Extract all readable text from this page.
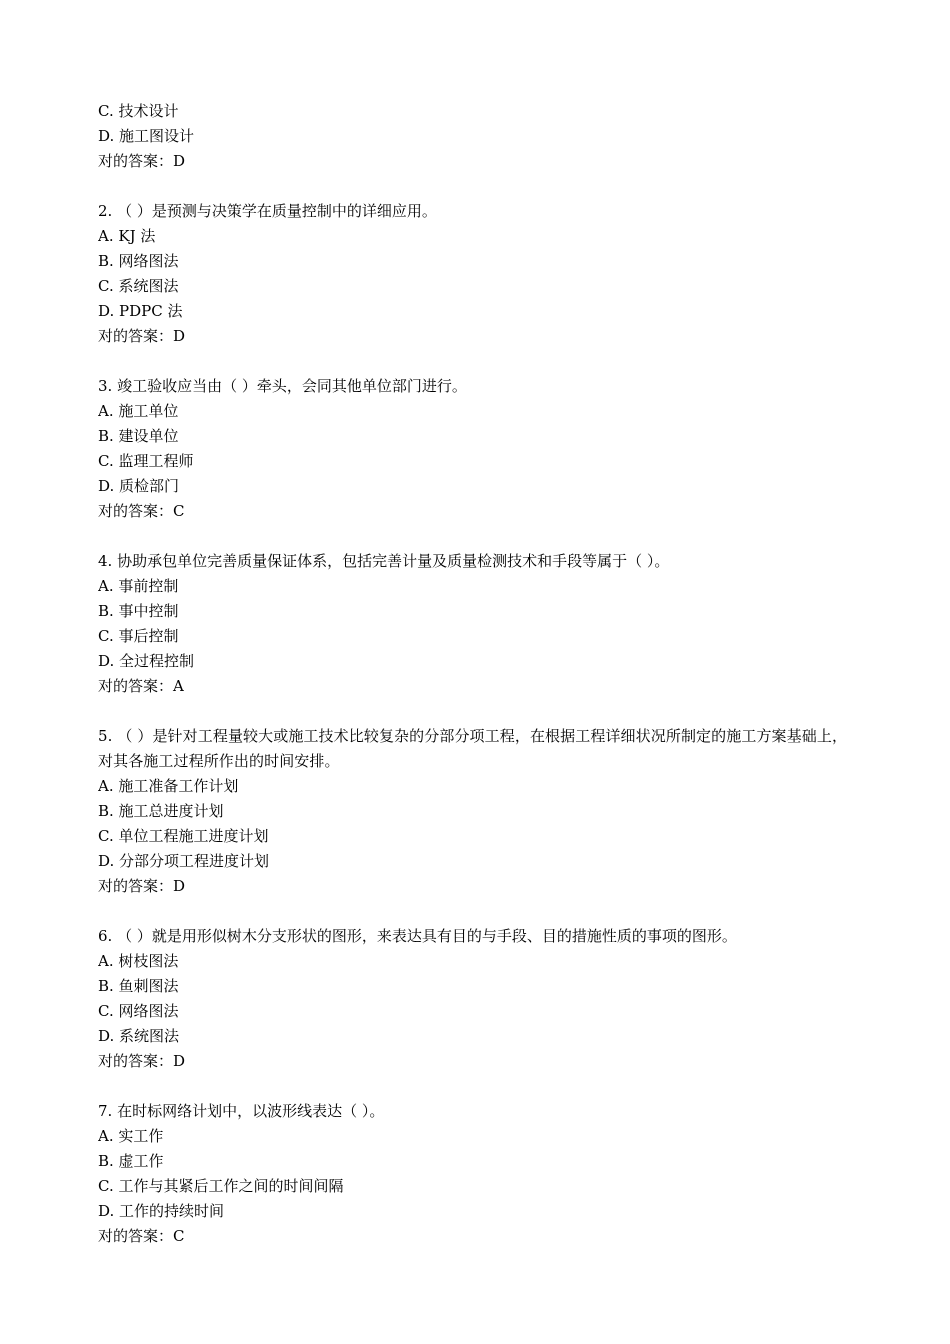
C. 技术设计
D. 施工图设计
对的答案：D
2. （ ）是预测与决策学在质量控制中的详细应用。
A. KJ 法
B. 网络图法
C. 系统图法
D. PDPC 法
对的答案：D
3. 竣工验收应当由（ ）牵头，会同其他单位部门进行。
A. 施工单位
B. 建设单位
C. 监理工程师
D. 质检部门
对的答案：C
4. 协助承包单位完善质量保证体系，包括完善计量及质量检测技术和手段等属于（ ）。
A. 事前控制
B. 事中控制
C. 事后控制
D. 全过程控制
对的答案：A
5. （ ）是针对工程量较大或施工技术比较复杂的分部分项工程，在根据工程详细状况所制定的施工方案基础上，对其各施工过程所作出的时间安排。
A. 施工准备工作计划
B. 施工总进度计划
C. 单位工程施工进度计划
D. 分部分项工程进度计划
对的答案：D
6. （ ）就是用形似树木分支形状的图形，来表达具有目的与手段、目的措施性质的事项的图形。
A. 树枝图法
B. 鱼刺图法
C. 网络图法
D. 系统图法
对的答案：D
7. 在时标网络计划中，以波形线表达（ ）。
A. 实工作
B. 虚工作
C. 工作与其紧后工作之间的时间间隔
D. 工作的持续时间
对的答案：C
